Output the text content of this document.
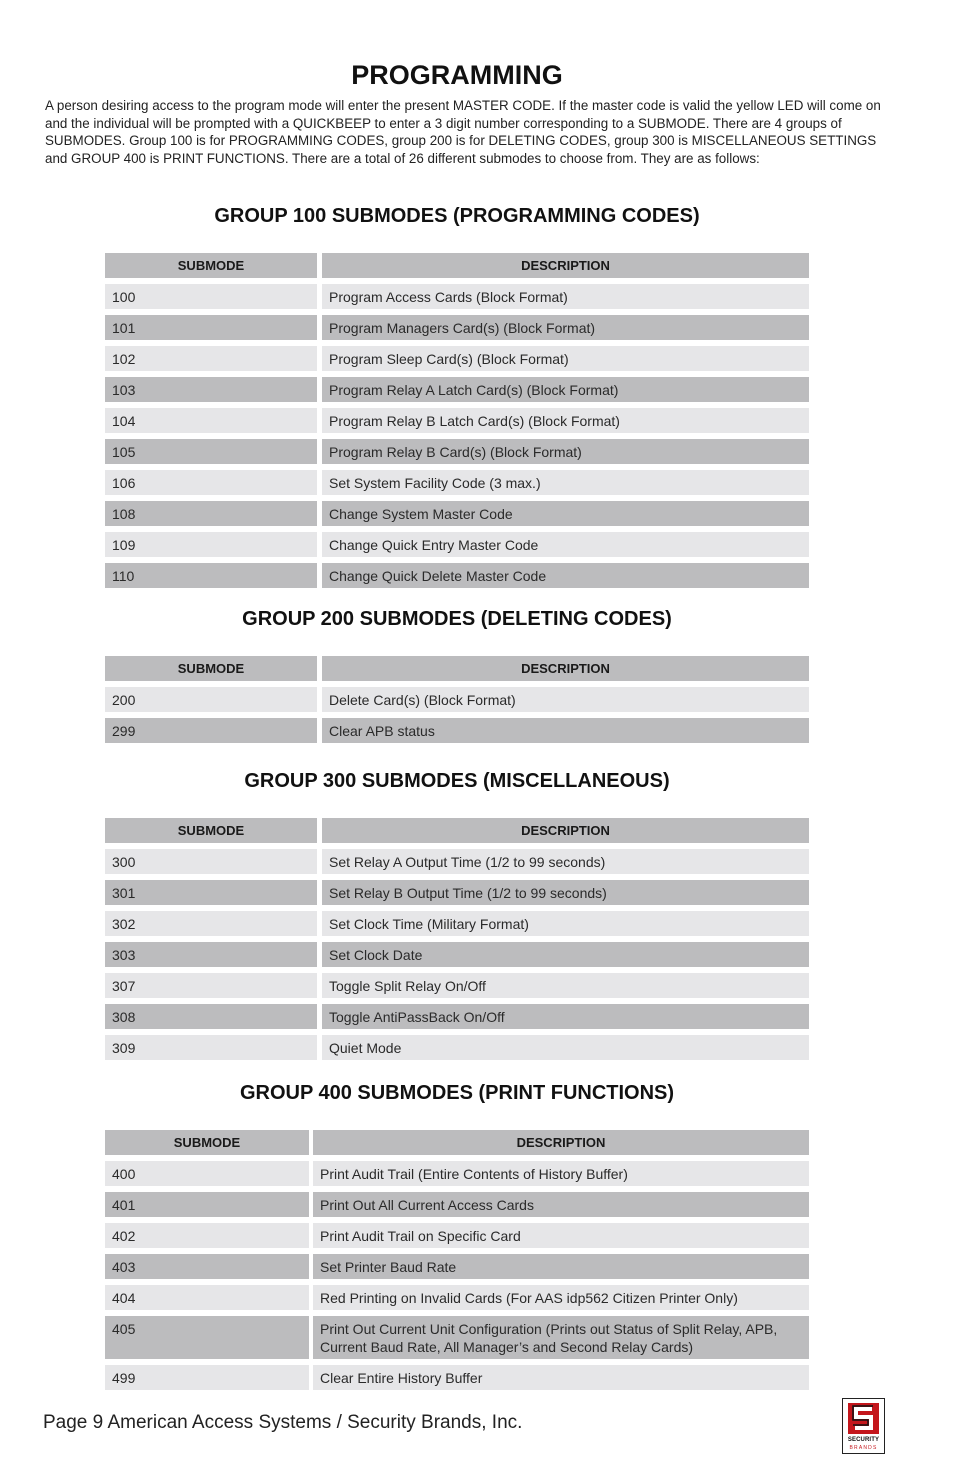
PROGRAMMING
A person desiring access to the program mode will enter the present MASTER CODE. If the master code is valid the yellow LED will come on and the individual will be prompted with a QUICKBEEP to enter a 3 digit number corresponding to a SUBMODE. There are 4 groups of SUBMODES. Group 100 is for PROGRAMMING CODES, group 200 is for DELETING CODES, group 300 is MISCELLANEOUS SETTINGS and GROUP 400 is PRINT FUNCTIONS. There are a total of 26 different submodes to choose from. They are as follows:
GROUP 100 SUBMODES (PROGRAMMING CODES)
SUBMODE	DESCRIPTION
100	Program Access Cards (Block Format)
101	Program Managers Card(s) (Block Format)
102	Program Sleep Card(s) (Block Format)
103	Program Relay A Latch Card(s) (Block Format)
104	Program Relay B Latch Card(s) (Block Format)
105	Program Relay B Card(s) (Block Format)
106	Set System Facility Code (3 max.)
108	Change System Master Code
109	Change Quick Entry Master Code
110	Change Quick Delete Master Code
GROUP 200 SUBMODES (DELETING CODES)
SUBMODE	DESCRIPTION
200	Delete Card(s) (Block Format)
299	Clear APB status
GROUP 300 SUBMODES (MISCELLANEOUS)
SUBMODE	DESCRIPTION
300	Set Relay A Output Time (1/2 to 99 seconds)
301	Set Relay B Output Time (1/2 to 99 seconds)
302	Set Clock Time (Military Format)
303	Set Clock Date
307	Toggle Split Relay On/Off
308	Toggle AntiPassBack On/Off
309	Quiet Mode
GROUP 400 SUBMODES (PRINT FUNCTIONS)
SUBMODE	DESCRIPTION
400	Print Audit Trail (Entire Contents of History Buffer)
401	Print Out All Current Access Cards
402	Print Audit Trail on Specific Card
403	Set Printer Baud Rate
404	Red Printing on Invalid Cards (For AAS idp562 Citizen Printer Only)
405	Print Out Current Unit Configuration (Prints out Status of Split Relay, APB, Current Baud Rate, All Manager’s and Second Relay Cards)
499	Clear Entire History Buffer
Page 9 American Access Systems / Security Brands, Inc.
SECURITY
BRANDS
